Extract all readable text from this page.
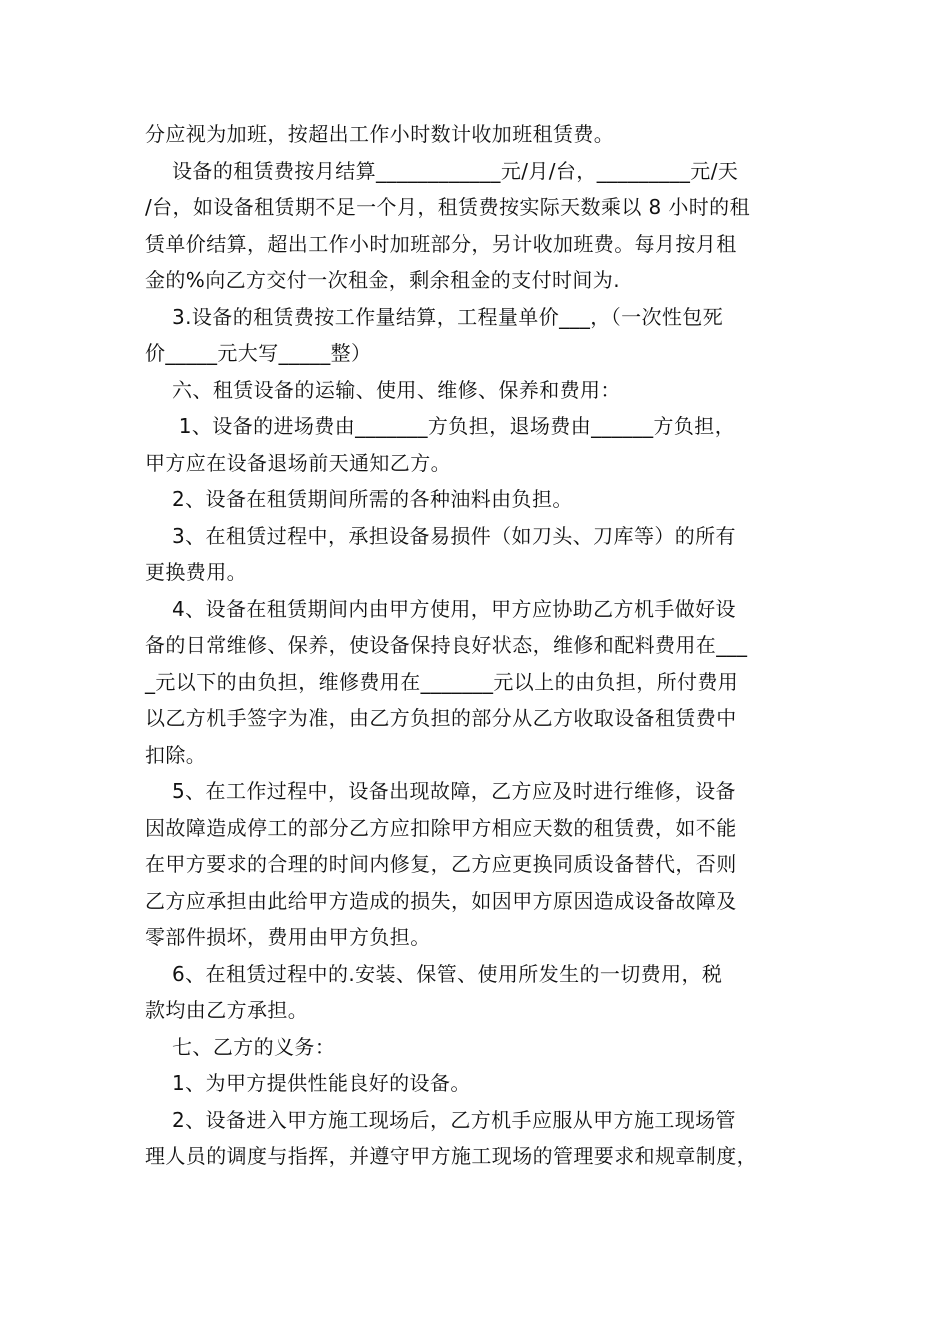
分应视为加班，按超出工作小时数计收加班租赁费。
设备的租赁费按月结算____________元/月/台，_________元/天
/台，如设备租赁期不足一个月，租赁费按实际天数乘以 8 小时的租
赁单价结算，超出工作小时加班部分，另计收加班费。每月按月租
金的%向乙方交付一次租金，剩余租金的支付时间为.
3.设备的租赁费按工作量结算，工程量单价___，（一次性包死
价_____元大写_____整）
六、租赁设备的运输、使用、维修、保养和费用：
1、设备的进场费由_______方负担，退场费由______方负担，
甲方应在设备退场前天通知乙方。
2、设备在租赁期间所需的各种油料由负担。
3、在租赁过程中，承担设备易损件（如刀头、刀库等）的所有
更换费用。
4、设备在租赁期间内由甲方使用，甲方应协助乙方机手做好设
备的日常维修、保养，使设备保持良好状态，维修和配料费用在___
_元以下的由负担，维修费用在_______元以上的由负担，所付费用
以乙方机手签字为准，由乙方负担的部分从乙方收取设备租赁费中
扣除。
5、在工作过程中，设备出现故障，乙方应及时进行维修，设备
因故障造成停工的部分乙方应扣除甲方相应天数的租赁费，如不能
在甲方要求的合理的时间内修复，乙方应更换同质设备替代，否则
乙方应承担由此给甲方造成的损失，如因甲方原因造成设备故障及
零部件损坏，费用由甲方负担。
6、在租赁过程中的.安装、保管、使用所发生的一切费用，税
款均由乙方承担。
七、乙方的义务：
1、为甲方提供性能良好的设备。
2、设备进入甲方施工现场后，乙方机手应服从甲方施工现场管
理人员的调度与指挥，并遵守甲方施工现场的管理要求和规章制度，
